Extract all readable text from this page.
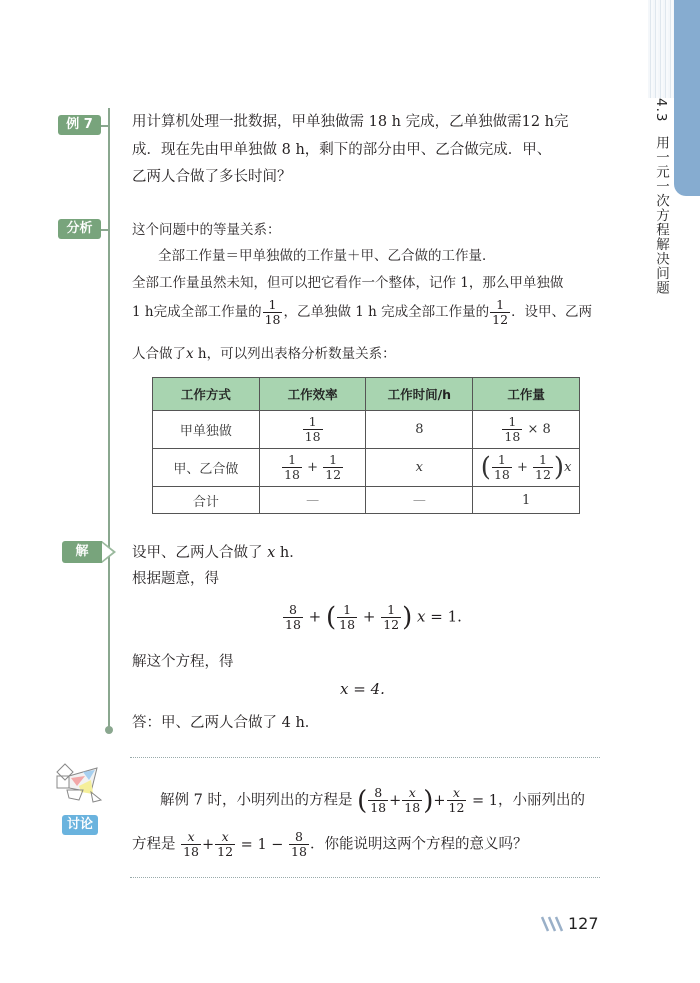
4.3 用一元一次方程解决问题
例 7	用计算机处理一批数据，甲单独做需 18 h 完成，乙单独做需12 h完
成．现在先由甲单独做 8 h，剩下的部分由甲、乙合做完成．甲、
乙两人合做了多长时间？
分析	这个问题中的等量关系：
全部工作量＝甲单独做的工作量＋甲、乙合做的工作量．
全部工作量虽然未知，但可以把它看作一个整体，记作 1，那么甲单独做
1 h完成全部工作量的 $\frac{1}{18}$ ，乙单独做 1 h 完成全部工作量的 $\frac{1}{12}$ ．设甲、乙两
人合做了x h，可以列出表格分析数量关系：
工作方式	工作效率	工作时间/h	工作量
甲单独做	$\frac{1}{18}$	8	$\frac{1}{18} \times 8$
甲、乙合做	$\frac{1}{18} + \frac{1}{12}$	x	( $\frac{1}{18} + \frac{1}{12} )x$
合计	—	—	1
解	设甲、乙两人合做了 x h．
根据题意，得
$\frac{8}{18}$ + ( $\frac{1}{18} + \frac{1}{12}$ ) x = 1.
解这个方程，得
x = 4.
答：甲、乙两人合做了 4 h．
讨论
解例 7 时，小明列出的方程是 ( $\frac{8}{18} + \frac{x}{18}$ )+ $\frac{x}{12} = 1$，小丽列出的
方程是 $\frac{x}{18} + \frac{x}{12} = 1 - \frac{8}{18}$ ．你能说明这两个方程的意义吗？
127
